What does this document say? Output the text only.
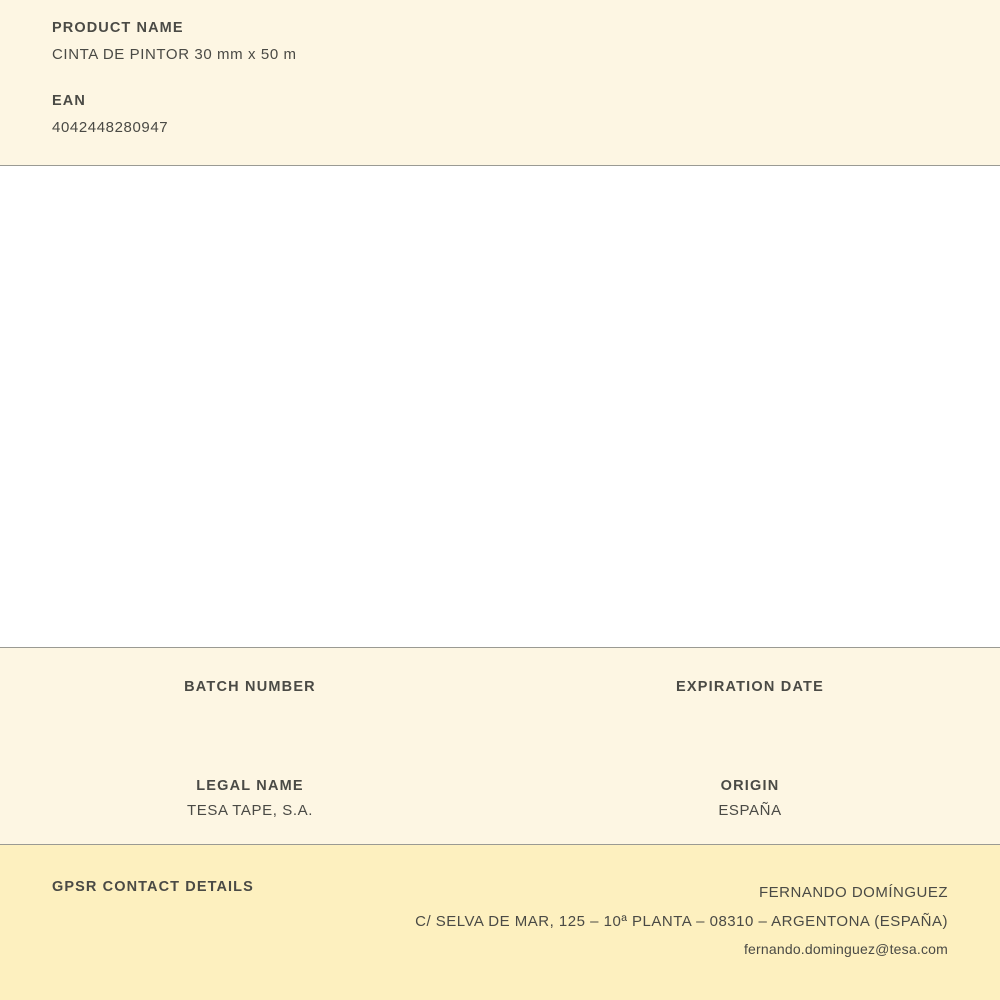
PRODUCT NAME

CINTA DE PINTOR 30 mm x 50 m

EAN

4042448280947

BATCH NUMBER	EXPIRATION DATE

LEGAL NAME

TESA TAPE, S.A.

ORIGIN

ESPAÑA

GPSR CONTACT DETAILS	FERNANDO DOMÍNGUEZ
C/ SELVA DE MAR, 125 – 10ª PLANTA – 08310 – ARGENTONA (ESPAÑA)
fernando.dominguez@tesa.com
